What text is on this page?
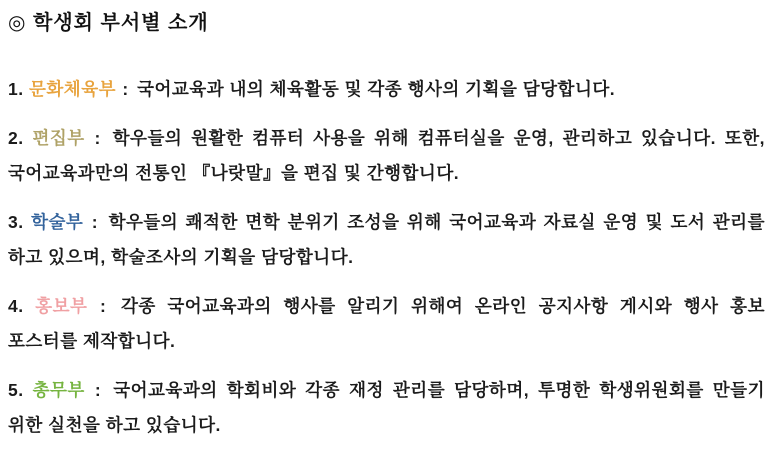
◎ 학생회 부서별 소개

1. 문화체육부 : 국어교육과 내의 체육활동 및 각종 행사의 기획을 담당합니다.

2. 편집부 : 학우들의 원활한 컴퓨터 사용을 위해 컴퓨터실을 운영, 관리하고 있습니다. 또한, 국어교육과만의 전통인 『나랏말』을 편집 및 간행합니다.

3. 학술부 : 학우들의 쾌적한 면학 분위기 조성을 위해 국어교육과 자료실 운영 및 도서 관리를 하고 있으며, 학술조사의 기획을 담당합니다.

4. 홍보부 : 각종 국어교육과의 행사를 알리기 위해여 온라인 공지사항 게시와 행사 홍보 포스터를 제작합니다.

5. 총무부 : 국어교육과의 학회비와 각종 재정 관리를 담당하며, 투명한 학생위원회를 만들기 위한 실천을 하고 있습니다.
